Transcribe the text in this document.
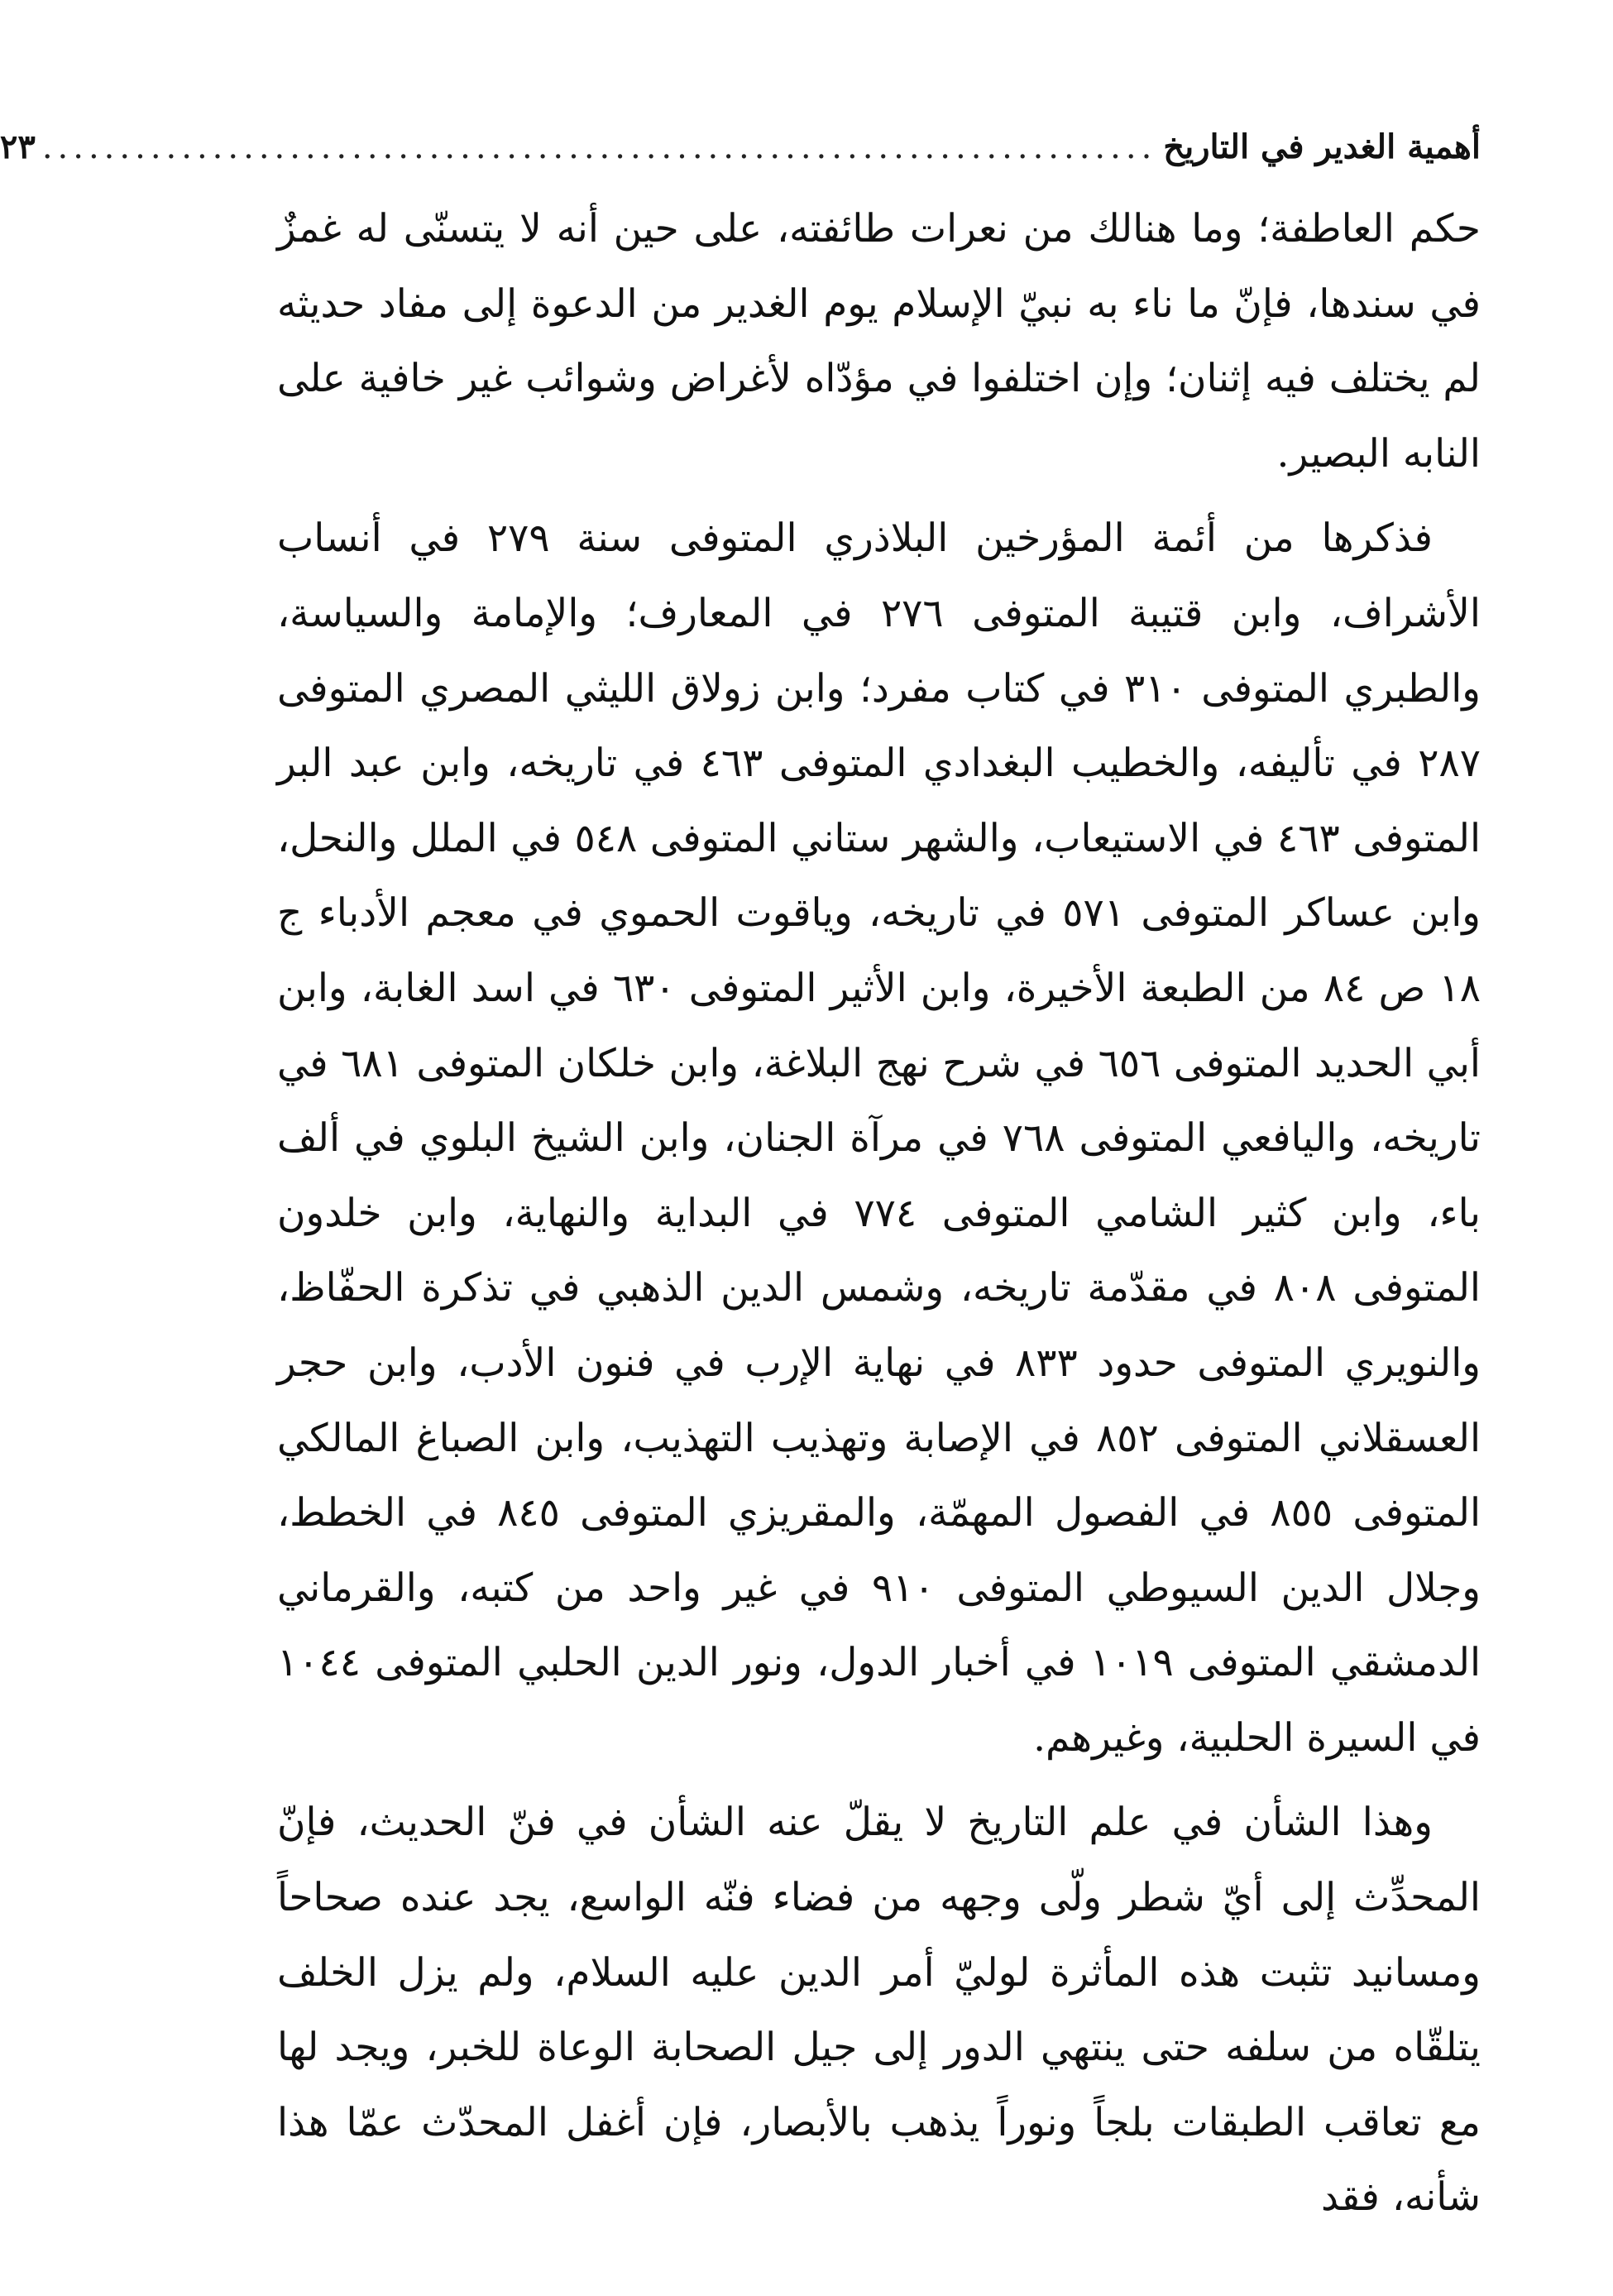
أهمية الغدير في التاريخ
........................................................................
٢٣

حكم العاطفة؛ وما هنالك من نعرات طائفته، على حين أنه لا يتسنّى له غمزٌ في سندها، فإنّ ما ناء به نبيّ الإسلام يوم الغدير من الدعوة إلى مفاد حديثه لم يختلف فيه إثنان؛ وإن اختلفوا في مؤدّاه لأغراض وشوائب غير خافية على النابه البصير.

فذكرها من أئمة المؤرخين البلاذري المتوفى سنة ٢٧٩ في أنساب الأشراف، وابن قتيبة المتوفى ٢٧٦ في المعارف؛ والإمامة والسياسة، والطبري المتوفى ٣١٠ في كتاب مفرد؛ وابن زولاق الليثي المصري المتوفى ٢٨٧ في تأليفه، والخطيب البغدادي المتوفى ٤٦٣ في تاريخه، وابن عبد البر المتوفى ٤٦٣ في الاستيعاب، والشهر ستاني المتوفى ٥٤٨ في الملل والنحل، وابن عساكر المتوفى ٥٧١ في تاريخه، وياقوت الحموي في معجم الأدباء ج ١٨ ص ٨٤ من الطبعة الأخيرة، وابن الأثير المتوفى ٦٣٠ في اسد الغابة، وابن أبي الحديد المتوفى ٦٥٦ في شرح نهج البلاغة، وابن خلكان المتوفى ٦٨١ في تاريخه، واليافعي المتوفى ٧٦٨ في مرآة الجنان، وابن الشيخ البلوي في ألف باء، وابن كثير الشامي المتوفى ٧٧٤ في البداية والنهاية، وابن خلدون المتوفى ٨٠٨ في مقدّمة تاريخه، وشمس الدين الذهبي في تذكرة الحفّاظ، والنويري المتوفى حدود ٨٣٣ في نهاية الإرب في فنون الأدب، وابن حجر العسقلاني المتوفى ٨٥٢ في الإصابة وتهذيب التهذيب، وابن الصباغ المالكي المتوفى ٨٥٥ في الفصول المهمّة، والمقريزي المتوفى ٨٤٥ في الخطط، وجلال الدين السيوطي المتوفى ٩١٠ في غير واحد من كتبه، والقرماني الدمشقي المتوفى ١٠١٩ في أخبار الدول، ونور الدين الحلبي المتوفى ١٠٤٤ في السيرة الحلبية، وغيرهم.

وهذا الشأن في علم التاريخ لا يقلّ عنه الشأن في فنّ الحديث، فإنّ المحدِّث إلى أيّ شطر ولّى وجهه من فضاء فنّه الواسع، يجد عنده صحاحاً ومسانيد تثبت هذه المأثرة لوليّ أمر الدين عليه السلام، ولم يزل الخلف يتلقّاه من سلفه حتى ينتهي الدور إلى جيل الصحابة الوعاة للخبر، ويجد لها مع تعاقب الطبقات بلجاً ونوراً يذهب بالأبصار، فإن أغفل المحدّث عمّا هذا شأنه، فقد
